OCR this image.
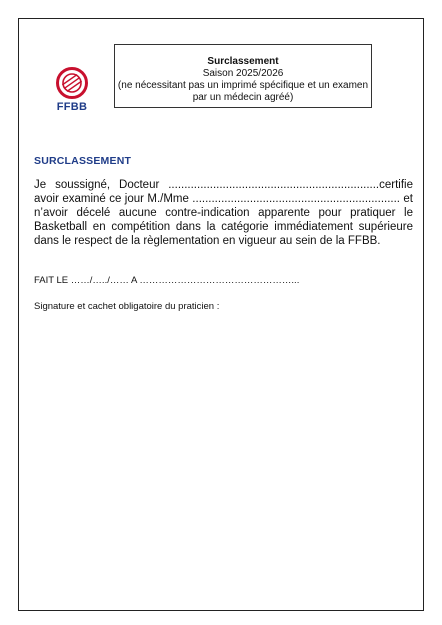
FFBB
Surclassement
Saison 2025/2026
(ne nécessitant pas un imprimé spécifique et un examen par un médecin agréé)
SURCLASSEMENT

Je soussigné, Docteur ..................................................................certifie avoir examiné ce jour M./Mme ................................................................. et n’avoir décelé aucune contre-indication apparente pour pratiquer le Basketball en compétition dans la catégorie immédiatement supérieure dans le respect de la règlementation en vigueur au sein de la FFBB.

FAIT LE ……/…../…… A …………………………………………...
Signature et cachet obligatoire du praticien :
